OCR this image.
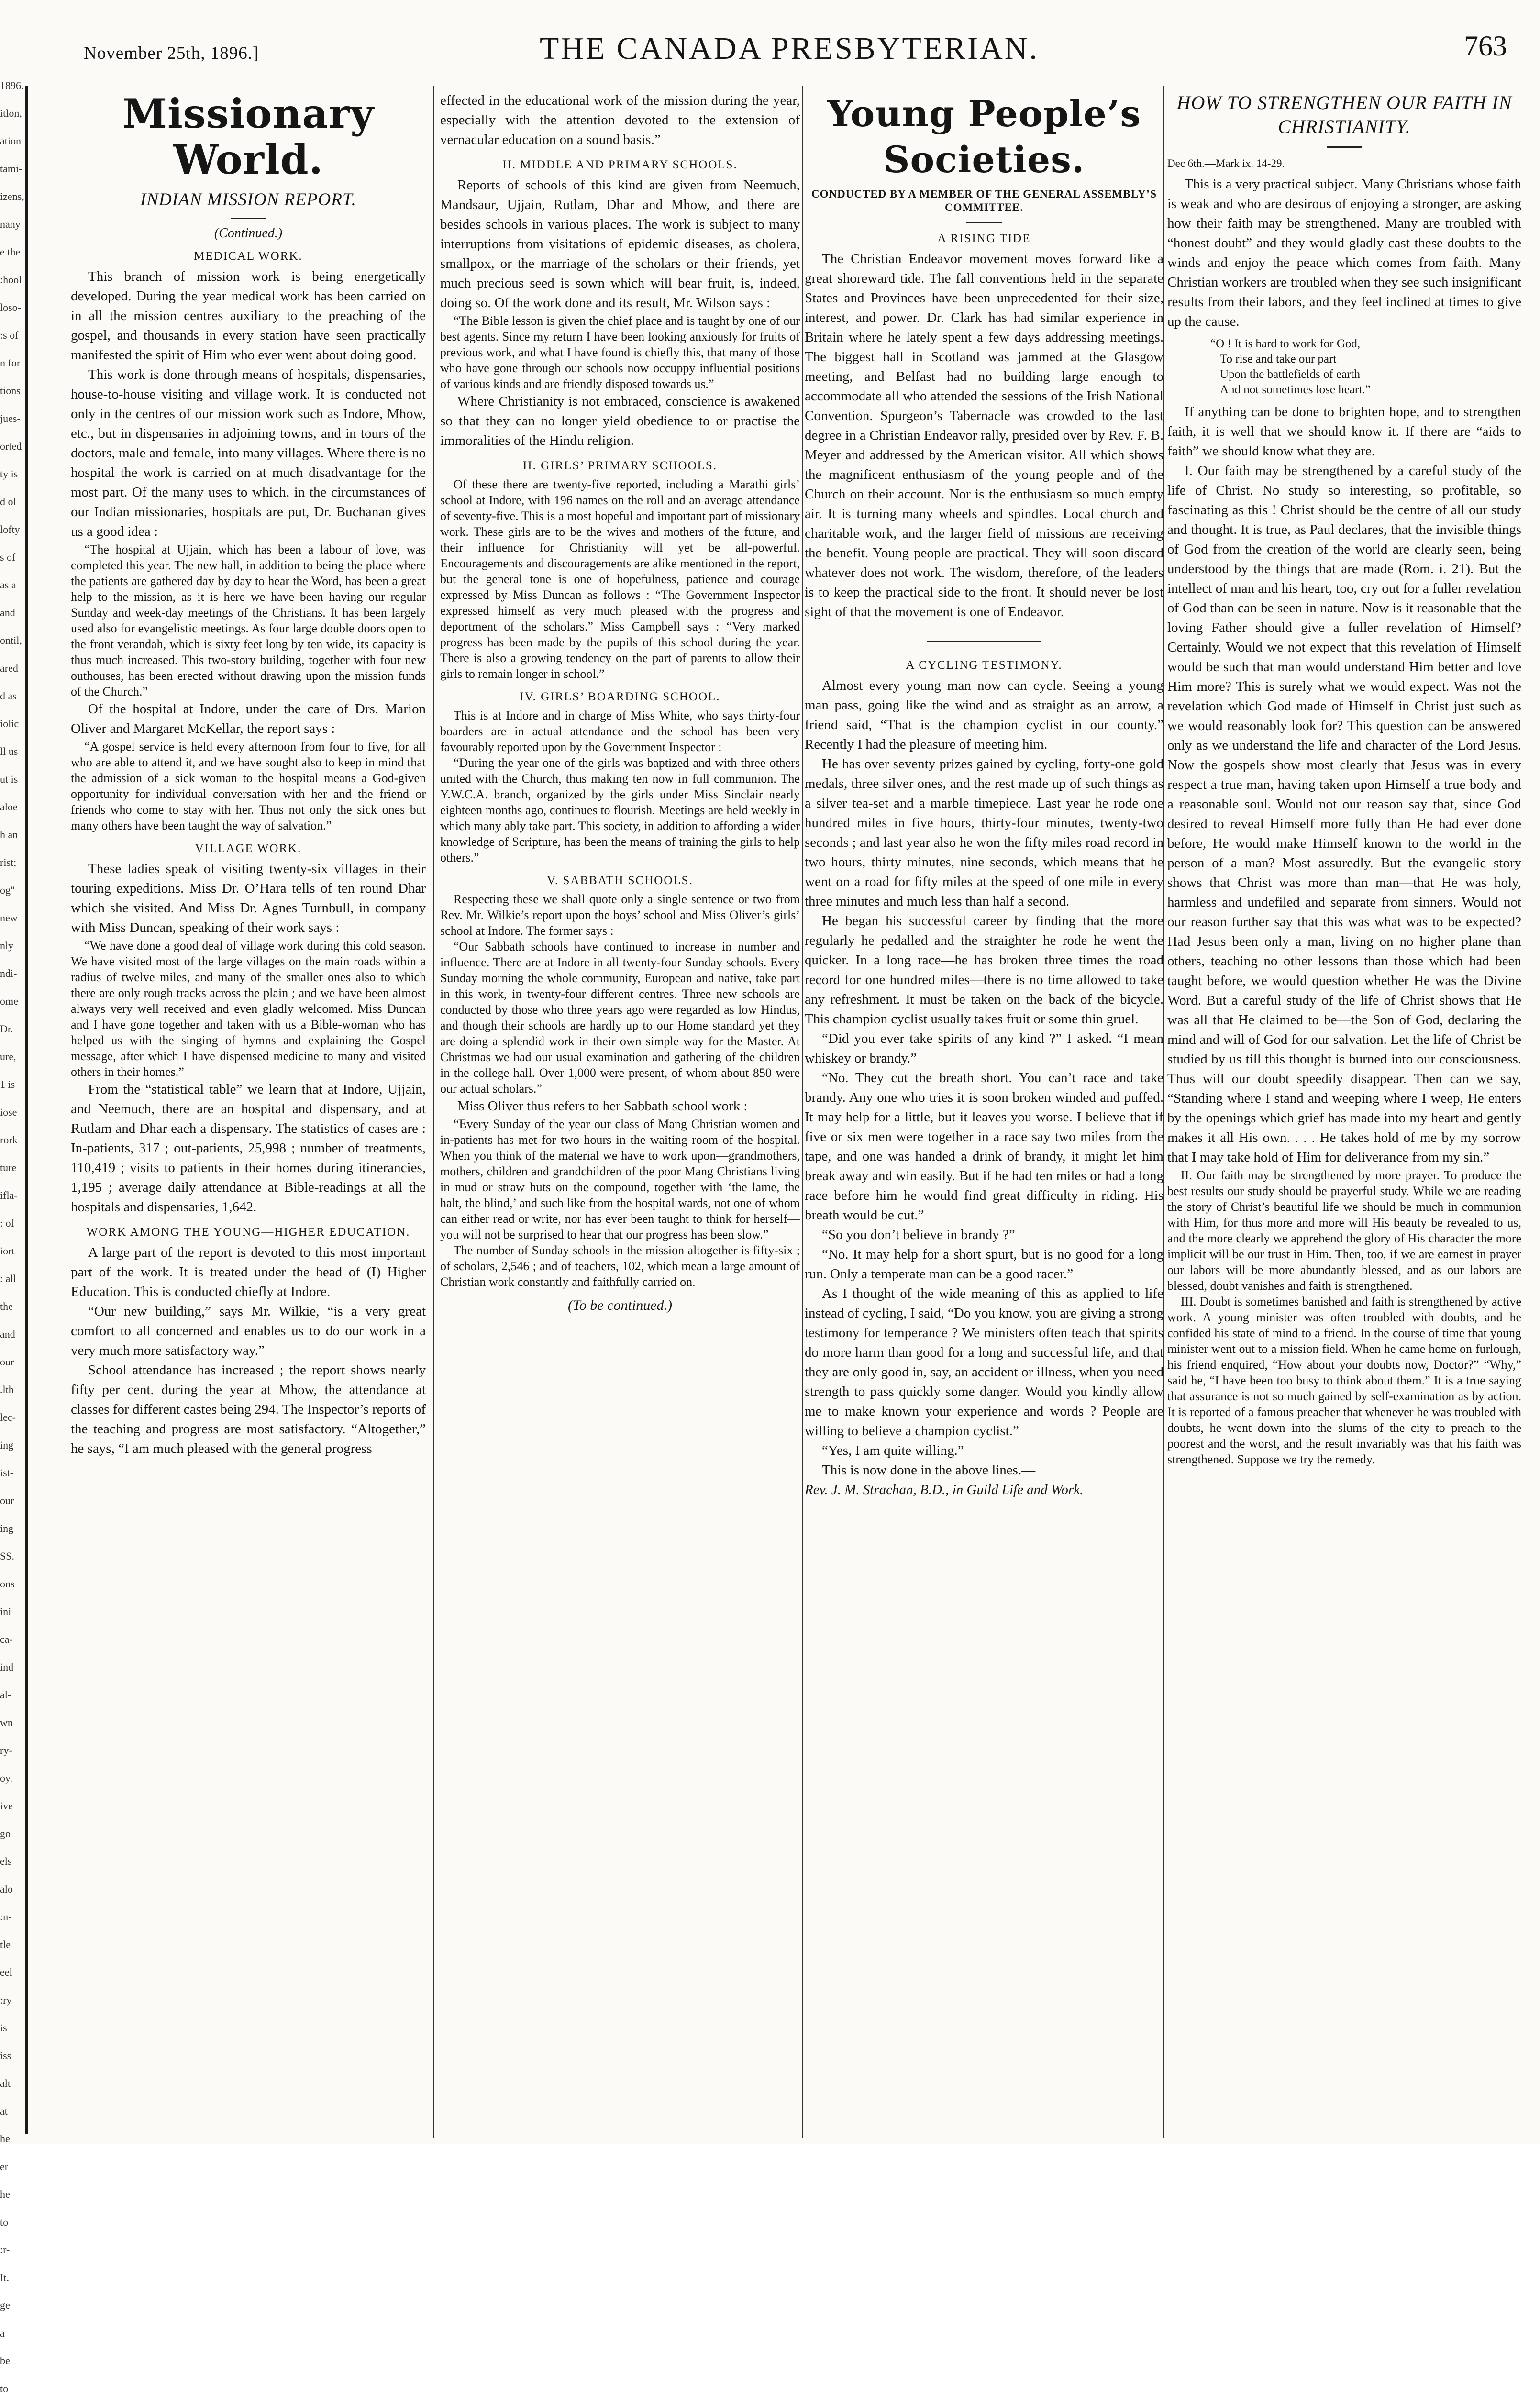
1896.
itlon,
ation
tami-
izens,
nany
e the
:hool
loso-
:s of
n for
tions
jues-
orted
ty is
d ol
lofty
s of
as a
and
ontil,
ared
d as
iolic
ll us
ut is
aloe
h an
rist;
og"
new
nly
ndi-
ome
Dr.
ure,
1 is
iose
rork
ture
ifla-
: of
iort
: all
the
and
our
.lth
lec-
ing
ist-
our
ing
SS.
ons
ini
ca-
ind
al-
wn
ry-
oy.
ive
go
els
alo
:n-
tle
eel
:ry
is
iss
alt
at
he
er
he
to
:r-
It.
ge
a
be
to
November 25th, 1896.]	THE CANADA PRESBYTERIAN.	763
Missionary World.
INDIAN MISSION REPORT.
(Continued.)
MEDICAL WORK.

This branch of mission work is being energetically developed. During the year medical work has been carried on in all the mission centres auxiliary to the preaching of the gospel, and thousands in every station have seen practically manifested the spirit of Him who ever went about doing good.

This work is done through means of hospitals, dispensaries, house-to-house visiting and village work. It is conducted not only in the centres of our mission work such as Indore, Mhow, etc., but in dispensaries in adjoining towns, and in tours of the doctors, male and female, into many villages. Where there is no hospital the work is carried on at much disadvantage for the most part. Of the many uses to which, in the circumstances of our Indian missionaries, hospitals are put, Dr. Buchanan gives us a good idea :

“The hospital at Ujjain, which has been a labour of love, was completed this year. The new hall, in addition to being the place where the patients are gathered day by day to hear the Word, has been a great help to the mission, as it is here we have been having our regular Sunday and week-day meetings of the Christians. It has been largely used also for evangelistic meetings. As four large double doors open to the front verandah, which is sixty feet long by ten wide, its capacity is thus much increased. This two-story building, together with four new outhouses, has been erected without drawing upon the mission funds of the Church.”

Of the hospital at Indore, under the care of Drs. Marion Oliver and Margaret McKellar, the report says :

“A gospel service is held every afternoon from four to five, for all who are able to attend it, and we have sought also to keep in mind that the admission of a sick woman to the hospital means a God-given opportunity for individual conversation with her and the friend or friends who come to stay with her. Thus not only the sick ones but many others have been taught the way of salvation.”

VILLAGE WORK.

These ladies speak of visiting twenty-six villages in their touring expeditions. Miss Dr. O’Hara tells of ten round Dhar which she visited. And Miss Dr. Agnes Turnbull, in company with Miss Duncan, speaking of their work says :

“We have done a good deal of village work during this cold season. We have visited most of the large villages on the main roads within a radius of twelve miles, and many of the smaller ones also to which there are only rough tracks across the plain ; and we have been almost always very well received and even gladly welcomed. Miss Duncan and I have gone together and taken with us a Bible-woman who has helped us with the singing of hymns and explaining the Gospel message, after which I have dispensed medicine to many and visited others in their homes.”

From the “statistical table” we learn that at Indore, Ujjain, and Neemuch, there are an hospital and dispensary, and at Rutlam and Dhar each a dispensary. The statistics of cases are : In-patients, 317 ; out-patients, 25,998 ; number of treatments, 110,419 ; visits to patients in their homes during itinerancies, 1,195 ; average daily attendance at Bible-readings at all the hospitals and dispensaries, 1,642.

WORK AMONG THE YOUNG—HIGHER EDUCATION.

A large part of the report is devoted to this most important part of the work. It is treated under the head of (I) Higher Education. This is conducted chiefly at Indore.

“Our new building,” says Mr. Wilkie, “is a very great comfort to all concerned and enables us to do our work in a very much more satisfactory way.”

School attendance has increased ; the report shows nearly fifty per cent. during the year at Mhow, the attendance at classes for different castes being 294. The Inspector’s reports of the teaching and progress are most satisfactory. “Altogether,” he says, “I am much pleased with the general progress

effected in the educational work of the mission during the year, especially with the attention devoted to the extension of vernacular education on a sound basis.”

II. MIDDLE AND PRIMARY SCHOOLS.

Reports of schools of this kind are given from Neemuch, Mandsaur, Ujjain, Rutlam, Dhar and Mhow, and there are besides schools in various places. The work is subject to many interruptions from visitations of epidemic diseases, as cholera, smallpox, or the marriage of the scholars or their friends, yet much precious seed is sown which will bear fruit, is, indeed, doing so. Of the work done and its result, Mr. Wilson says :

“The Bible lesson is given the chief place and is taught by one of our best agents. Since my return I have been looking anxiously for fruits of previous work, and what I have found is chiefly this, that many of those who have gone through our schools now occuppy influential positions of various kinds and are friendly disposed towards us.”

Where Christianity is not embraced, conscience is awakened so that they can no longer yield obedience to or practise the immoralities of the Hindu religion.

II. GIRLS’ PRIMARY SCHOOLS.

Of these there are twenty-five reported, including a Marathi girls’ school at Indore, with 196 names on the roll and an average attendance of seventy-five. This is a most hopeful and important part of missionary work. These girls are to be the wives and mothers of the future, and their influence for Christianity will yet be all-powerful. Encouragements and discouragements are alike mentioned in the report, but the general tone is one of hopefulness, patience and courage expressed by Miss Duncan as follows : “The Government Inspector expressed himself as very much pleased with the progress and deportment of the scholars.” Miss Campbell says : “Very marked progress has been made by the pupils of this school during the year. There is also a growing tendency on the part of parents to allow their girls to remain longer in school.”

IV. GIRLS’ BOARDING SCHOOL.

This is at Indore and in charge of Miss White, who says thirty-four boarders are in actual attendance and the school has been very favourably reported upon by the Government Inspector :

“During the year one of the girls was baptized and with three others united with the Church, thus making ten now in full communion. The Y.W.C.A. branch, organized by the girls under Miss Sinclair nearly eighteen months ago, continues to flourish. Meetings are held weekly in which many ably take part. This society, in addition to affording a wider knowledge of Scripture, has been the means of training the girls to help others.”

V. SABBATH SCHOOLS.

Respecting these we shall quote only a single sentence or two from Rev. Mr. Wilkie’s report upon the boys’ school and Miss Oliver’s girls’ school at Indore. The former says :

“Our Sabbath schools have continued to increase in number and influence. There are at Indore in all twenty-four Sunday schools. Every Sunday morning the whole community, European and native, take part in this work, in twenty-four different centres. Three new schools are conducted by those who three years ago were regarded as low Hindus, and though their schools are hardly up to our Home standard yet they are doing a splendid work in their own simple way for the Master. At Christmas we had our usual examination and gathering of the children in the college hall. Over 1,000 were present, of whom about 850 were our actual scholars.”

Miss Oliver thus refers to her Sabbath school work :

“Every Sunday of the year our class of Mang Christian women and in-patients has met for two hours in the waiting room of the hospital. When you think of the material we have to work upon—grandmothers, mothers, children and grandchildren of the poor Mang Christians living in mud or straw huts on the compound, together with ‘the lame, the halt, the blind,’ and such like from the hospital wards, not one of whom can either read or write, nor has ever been taught to think for herself—you will not be surprised to hear that our progress has been slow.”

The number of Sunday schools in the mission altogether is fifty-six ; of scholars, 2,546 ; and of teachers, 102, which mean a large amount of Christian work constantly and faithfully carried on.

(To be continued.)
Young People’s Societies.
CONDUCTED BY A MEMBER OF THE GENERAL ASSEMBLY’S COMMITTEE.
A RISING TIDE

The Christian Endeavor movement moves forward like a great shoreward tide. The fall conventions held in the separate States and Provinces have been unprecedented for their size, interest, and power. Dr. Clark has had similar experience in Britain where he lately spent a few days addressing meetings. The biggest hall in Scotland was jammed at the Glasgow meeting, and Belfast had no building large enough to accommodate all who attended the sessions of the Irish National Convention. Spurgeon’s Tabernacle was crowded to the last degree in a Christian Endeavor rally, presided over by Rev. F. B. Meyer and addressed by the American visitor. All which shows the magnificent enthusiasm of the young people and of the Church on their account. Nor is the enthusiasm so much empty air. It is turning many wheels and spindles. Local church and charitable work, and the larger field of missions are receiving the benefit. Young people are practical. They will soon discard whatever does not work. The wisdom, therefore, of the leaders is to keep the practical side to the front. It should never be lost sight of that the movement is one of Endeavor.

A CYCLING TESTIMONY.

Almost every young man now can cycle. Seeing a young man pass, going like the wind and as straight as an arrow, a friend said, “That is the champion cyclist in our county.” Recently I had the pleasure of meeting him.

He has over seventy prizes gained by cycling, forty-one gold medals, three silver ones, and the rest made up of such things as a silver tea-set and a marble timepiece. Last year he rode one hundred miles in five hours, thirty-four minutes, twenty-two seconds ; and last year also he won the fifty miles road record in two hours, thirty minutes, nine seconds, which means that he went on a road for fifty miles at the speed of one mile in every three minutes and much less than half a second.

He began his successful career by finding that the more regularly he pedalled and the straighter he rode he went the quicker. In a long race—he has broken three times the road record for one hundred miles—there is no time allowed to take any refreshment. It must be taken on the back of the bicycle. This champion cyclist usually takes fruit or some thin gruel.

“Did you ever take spirits of any kind ?” I asked. “I mean whiskey or brandy.”

“No. They cut the breath short. You can’t race and take brandy. Any one who tries it is soon broken winded and puffed. It may help for a little, but it leaves you worse. I believe that if five or six men were together in a race say two miles from the tape, and one was handed a drink of brandy, it might let him break away and win easily. But if he had ten miles or had a long race before him he would find great difficulty in riding. His breath would be cut.”

“So you don’t believe in brandy ?”

“No. It may help for a short spurt, but is no good for a long run. Only a temperate man can be a good racer.”

As I thought of the wide meaning of this as applied to life instead of cycling, I said, “Do you know, you are giving a strong testimony for temperance ? We ministers often teach that spirits do more harm than good for a long and successful life, and that they are only good in, say, an accident or illness, when you need strength to pass quickly some danger. Would you kindly allow me to make known your experience and words ? People are willing to believe a champion cyclist.”

“Yes, I am quite willing.”

This is now done in the above lines.—

Rev. J. M. Strachan, B.D., in Guild Life and Work.

HOW TO STRENGTHEN OUR FAITH IN CHRISTIANITY.
Dec 6th.—Mark ix. 14-29.

This is a very practical subject. Many Christians whose faith is weak and who are desirous of enjoying a stronger, are asking how their faith may be strengthened. Many are troubled with “honest doubt” and they would gladly cast these doubts to the winds and enjoy the peace which comes from faith. Many Christian workers are troubled when they see such insignificant results from their labors, and they feel inclined at times to give up the cause.

“O ! It is hard to work for God,
To rise and take our part
Upon the battlefields of earth
And not sometimes lose heart.”

If anything can be done to brighten hope, and to strengthen faith, it is well that we should know it. If there are “aids to faith” we should know what they are.

I. Our faith may be strengthened by a careful study of the life of Christ. No study so interesting, so profitable, so fascinating as this ! Christ should be the centre of all our study and thought. It is true, as Paul declares, that the invisible things of God from the creation of the world are clearly seen, being understood by the things that are made (Rom. i. 21). But the intellect of man and his heart, too, cry out for a fuller revelation of God than can be seen in nature. Now is it reasonable that the loving Father should give a fuller revelation of Himself? Certainly. Would we not expect that this revelation of Himself would be such that man would understand Him better and love Him more? This is surely what we would expect. Was not the revelation which God made of Himself in Christ just such as we would reasonably look for? This question can be answered only as we understand the life and character of the Lord Jesus. Now the gospels show most clearly that Jesus was in every respect a true man, having taken upon Himself a true body and a reasonable soul. Would not our reason say that, since God desired to reveal Himself more fully than He had ever done before, He would make Himself known to the world in the person of a man? Most assuredly. But the evangelic story shows that Christ was more than man—that He was holy, harmless and undefiled and separate from sinners. Would not our reason further say that this was what was to be expected? Had Jesus been only a man, living on no higher plane than others, teaching no other lessons than those which had been taught before, we would question whether He was the Divine Word. But a careful study of the life of Christ shows that He was all that He claimed to be—the Son of God, declaring the mind and will of God for our salvation. Let the life of Christ be studied by us till this thought is burned into our consciousness. Thus will our doubt speedily disappear. Then can we say, “Standing where I stand and weeping where I weep, He enters by the openings which grief has made into my heart and gently makes it all His own. . . . He takes hold of me by my sorrow that I may take hold of Him for deliverance from my sin.”

II. Our faith may be strengthened by more prayer. To produce the best results our study should be prayerful study. While we are reading the story of Christ’s beautiful life we should be much in communion with Him, for thus more and more will His beauty be revealed to us, and the more clearly we apprehend the glory of His character the more implicit will be our trust in Him. Then, too, if we are earnest in prayer our labors will be more abundantly blessed, and as our labors are blessed, doubt vanishes and faith is strengthened.

III. Doubt is sometimes banished and faith is strengthened by active work. A young minister was often troubled with doubts, and he confided his state of mind to a friend. In the course of time that young minister went out to a mission field. When he came home on furlough, his friend enquired, “How about your doubts now, Doctor?” “Why,” said he, “I have been too busy to think about them.” It is a true saying that assurance is not so much gained by self-examination as by action. It is reported of a famous preacher that whenever he was troubled with doubts, he went down into the slums of the city to preach to the poorest and the worst, and the result invariably was that his faith was strengthened. Suppose we try the remedy.
